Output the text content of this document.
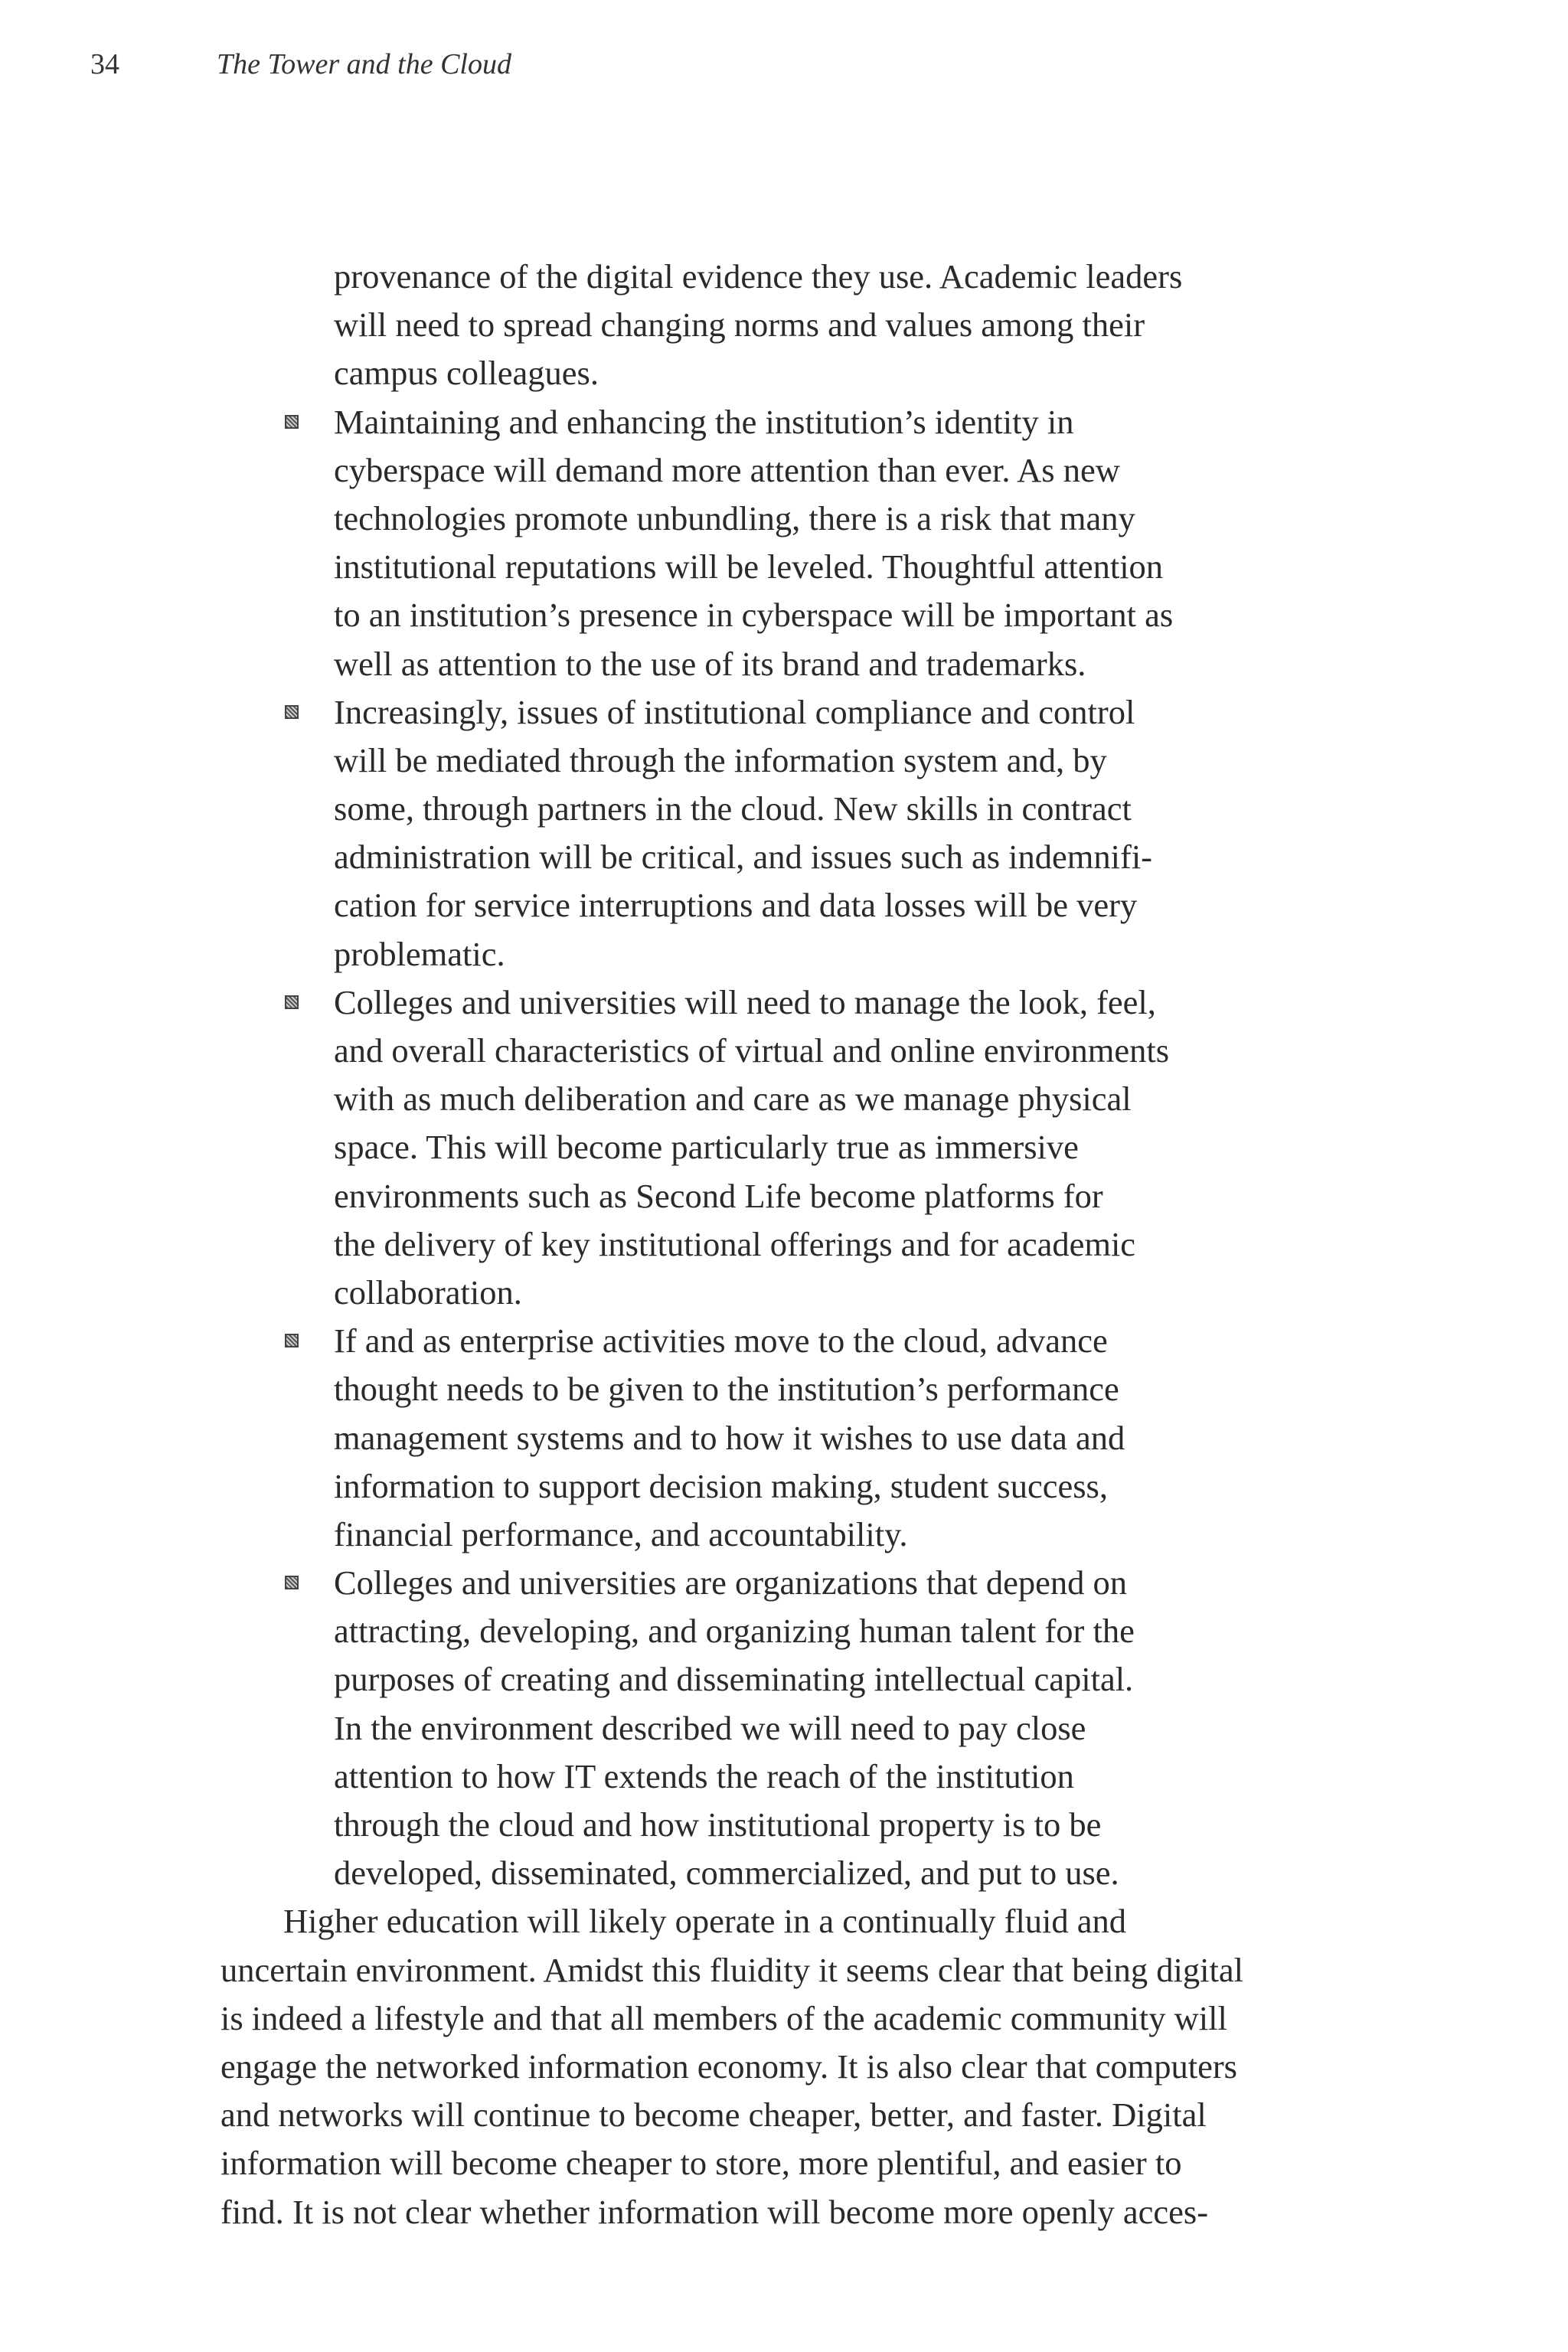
34	The Tower and the Cloud
provenance of the digital evidence they use. Academic leaders
will need to spread changing norms and values among their
campus colleagues.
Maintaining and enhancing the institution’s identity in
cyberspace will demand more attention than ever. As new
technologies promote unbundling, there is a risk that many
institutional reputations will be leveled. Thoughtful attention
to an institution’s presence in cyberspace will be important as
well as attention to the use of its brand and trademarks.
Increasingly, issues of institutional compliance and control
will be mediated through the information system and, by
some, through partners in the cloud. New skills in contract
administration will be critical, and issues such as indemnifi-
cation for service interruptions and data losses will be very
problematic.
Colleges and universities will need to manage the look, feel,
and overall characteristics of virtual and online environments
with as much deliberation and care as we manage physical
space. This will become particularly true as immersive
environments such as Second Life become platforms for
the delivery of key institutional offerings and for academic
collaboration.
If and as enterprise activities move to the cloud, advance
thought needs to be given to the institution’s performance
management systems and to how it wishes to use data and
information to support decision making, student success,
financial performance, and accountability.
Colleges and universities are organizations that depend on
attracting, developing, and organizing human talent for the
purposes of creating and disseminating intellectual capital.
In the environment described we will need to pay close
attention to how IT extends the reach of the institution
through the cloud and how institutional property is to be
developed, disseminated, commercialized, and put to use.
Higher education will likely operate in a continually fluid and
uncertain environment. Amidst this fluidity it seems clear that being digital
is indeed a lifestyle and that all members of the academic community will
engage the networked information economy. It is also clear that computers
and networks will continue to become cheaper, better, and faster. Digital
information will become cheaper to store, more plentiful, and easier to
find. It is not clear whether information will become more openly acces-
